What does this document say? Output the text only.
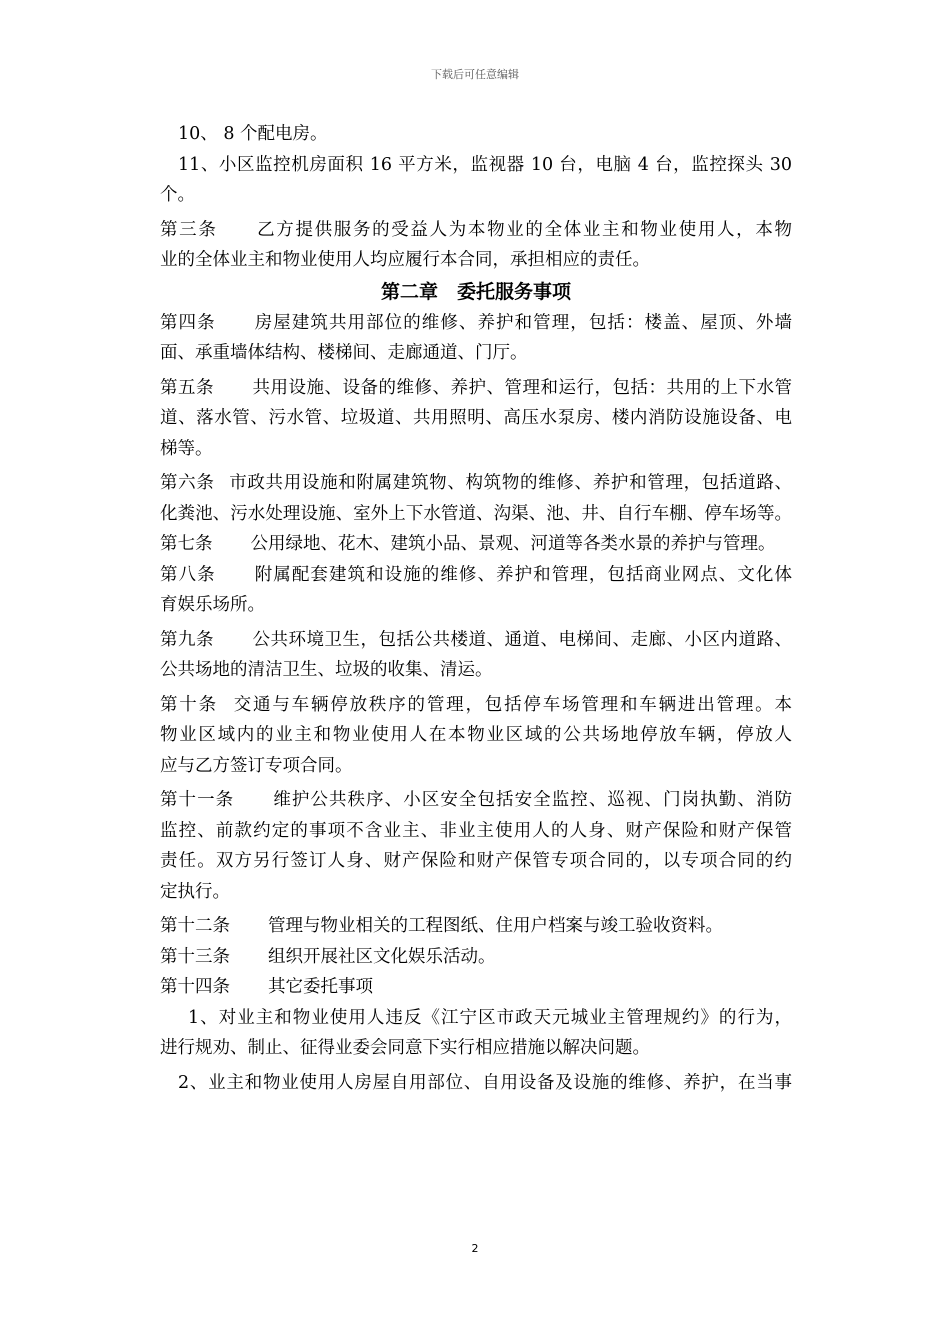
下载后可任意编辑
10、 8 个配电房。
11、小区监控机房面积 16 平方米，监视器 10 台，电脑 4 台，监控探头 30
个。
第三条 乙方提供服务的受益人为本物业的全体业主和物业使用人，本物
业的全体业主和物业使用人均应履行本合同，承担相应的责任。
第二章　委托服务事项
第四条 房屋建筑共用部位的维修、养护和管理，包括：楼盖、屋顶、外墙
面、承重墙体结构、楼梯间、走廊通道、门厅。
第五条 共用设施、设备的维修、养护、管理和运行，包括：共用的上下水管
道、落水管、污水管、垃圾道、共用照明、高压水泵房、楼内消防设施设备、电
梯等。
第六条 市政共用设施和附属建筑物、构筑物的维修、养护和管理，包括道路、
化粪池、污水处理设施、室外上下水管道、沟渠、池、井、自行车棚、停车场等。
第七条 公用绿地、花木、建筑小品、景观、河道等各类水景的养护与管理。
第八条 附属配套建筑和设施的维修、养护和管理，包括商业网点、文化体
育娱乐场所。
第九条 公共环境卫生，包括公共楼道、通道、电梯间、走廊、小区内道路、
公共场地的清洁卫生、垃圾的收集、清运。
第十条 交通与车辆停放秩序的管理，包括停车场管理和车辆进出管理。本
物业区域内的业主和物业使用人在本物业区域的公共场地停放车辆，停放人
应与乙方签订专项合同。
第十一条 维护公共秩序、小区安全包括安全监控、巡视、门岗执勤、消防
监控、前款约定的事项不含业主、非业主使用人的人身、财产保险和财产保管
责任。双方另行签订人身、财产保险和财产保管专项合同的，以专项合同的约
定执行。
第十二条 管理与物业相关的工程图纸、住用户档案与竣工验收资料。
第十三条 组织开展社区文化娱乐活动。
第十四条 其它委托事项
1、对业主和物业使用人违反《江宁区市政天元城业主管理规约》的行为，
进行规劝、制止、征得业委会同意下实行相应措施以解决问题。
2、业主和物业使用人房屋自用部位、自用设备及设施的维修、养护，在当事
2
